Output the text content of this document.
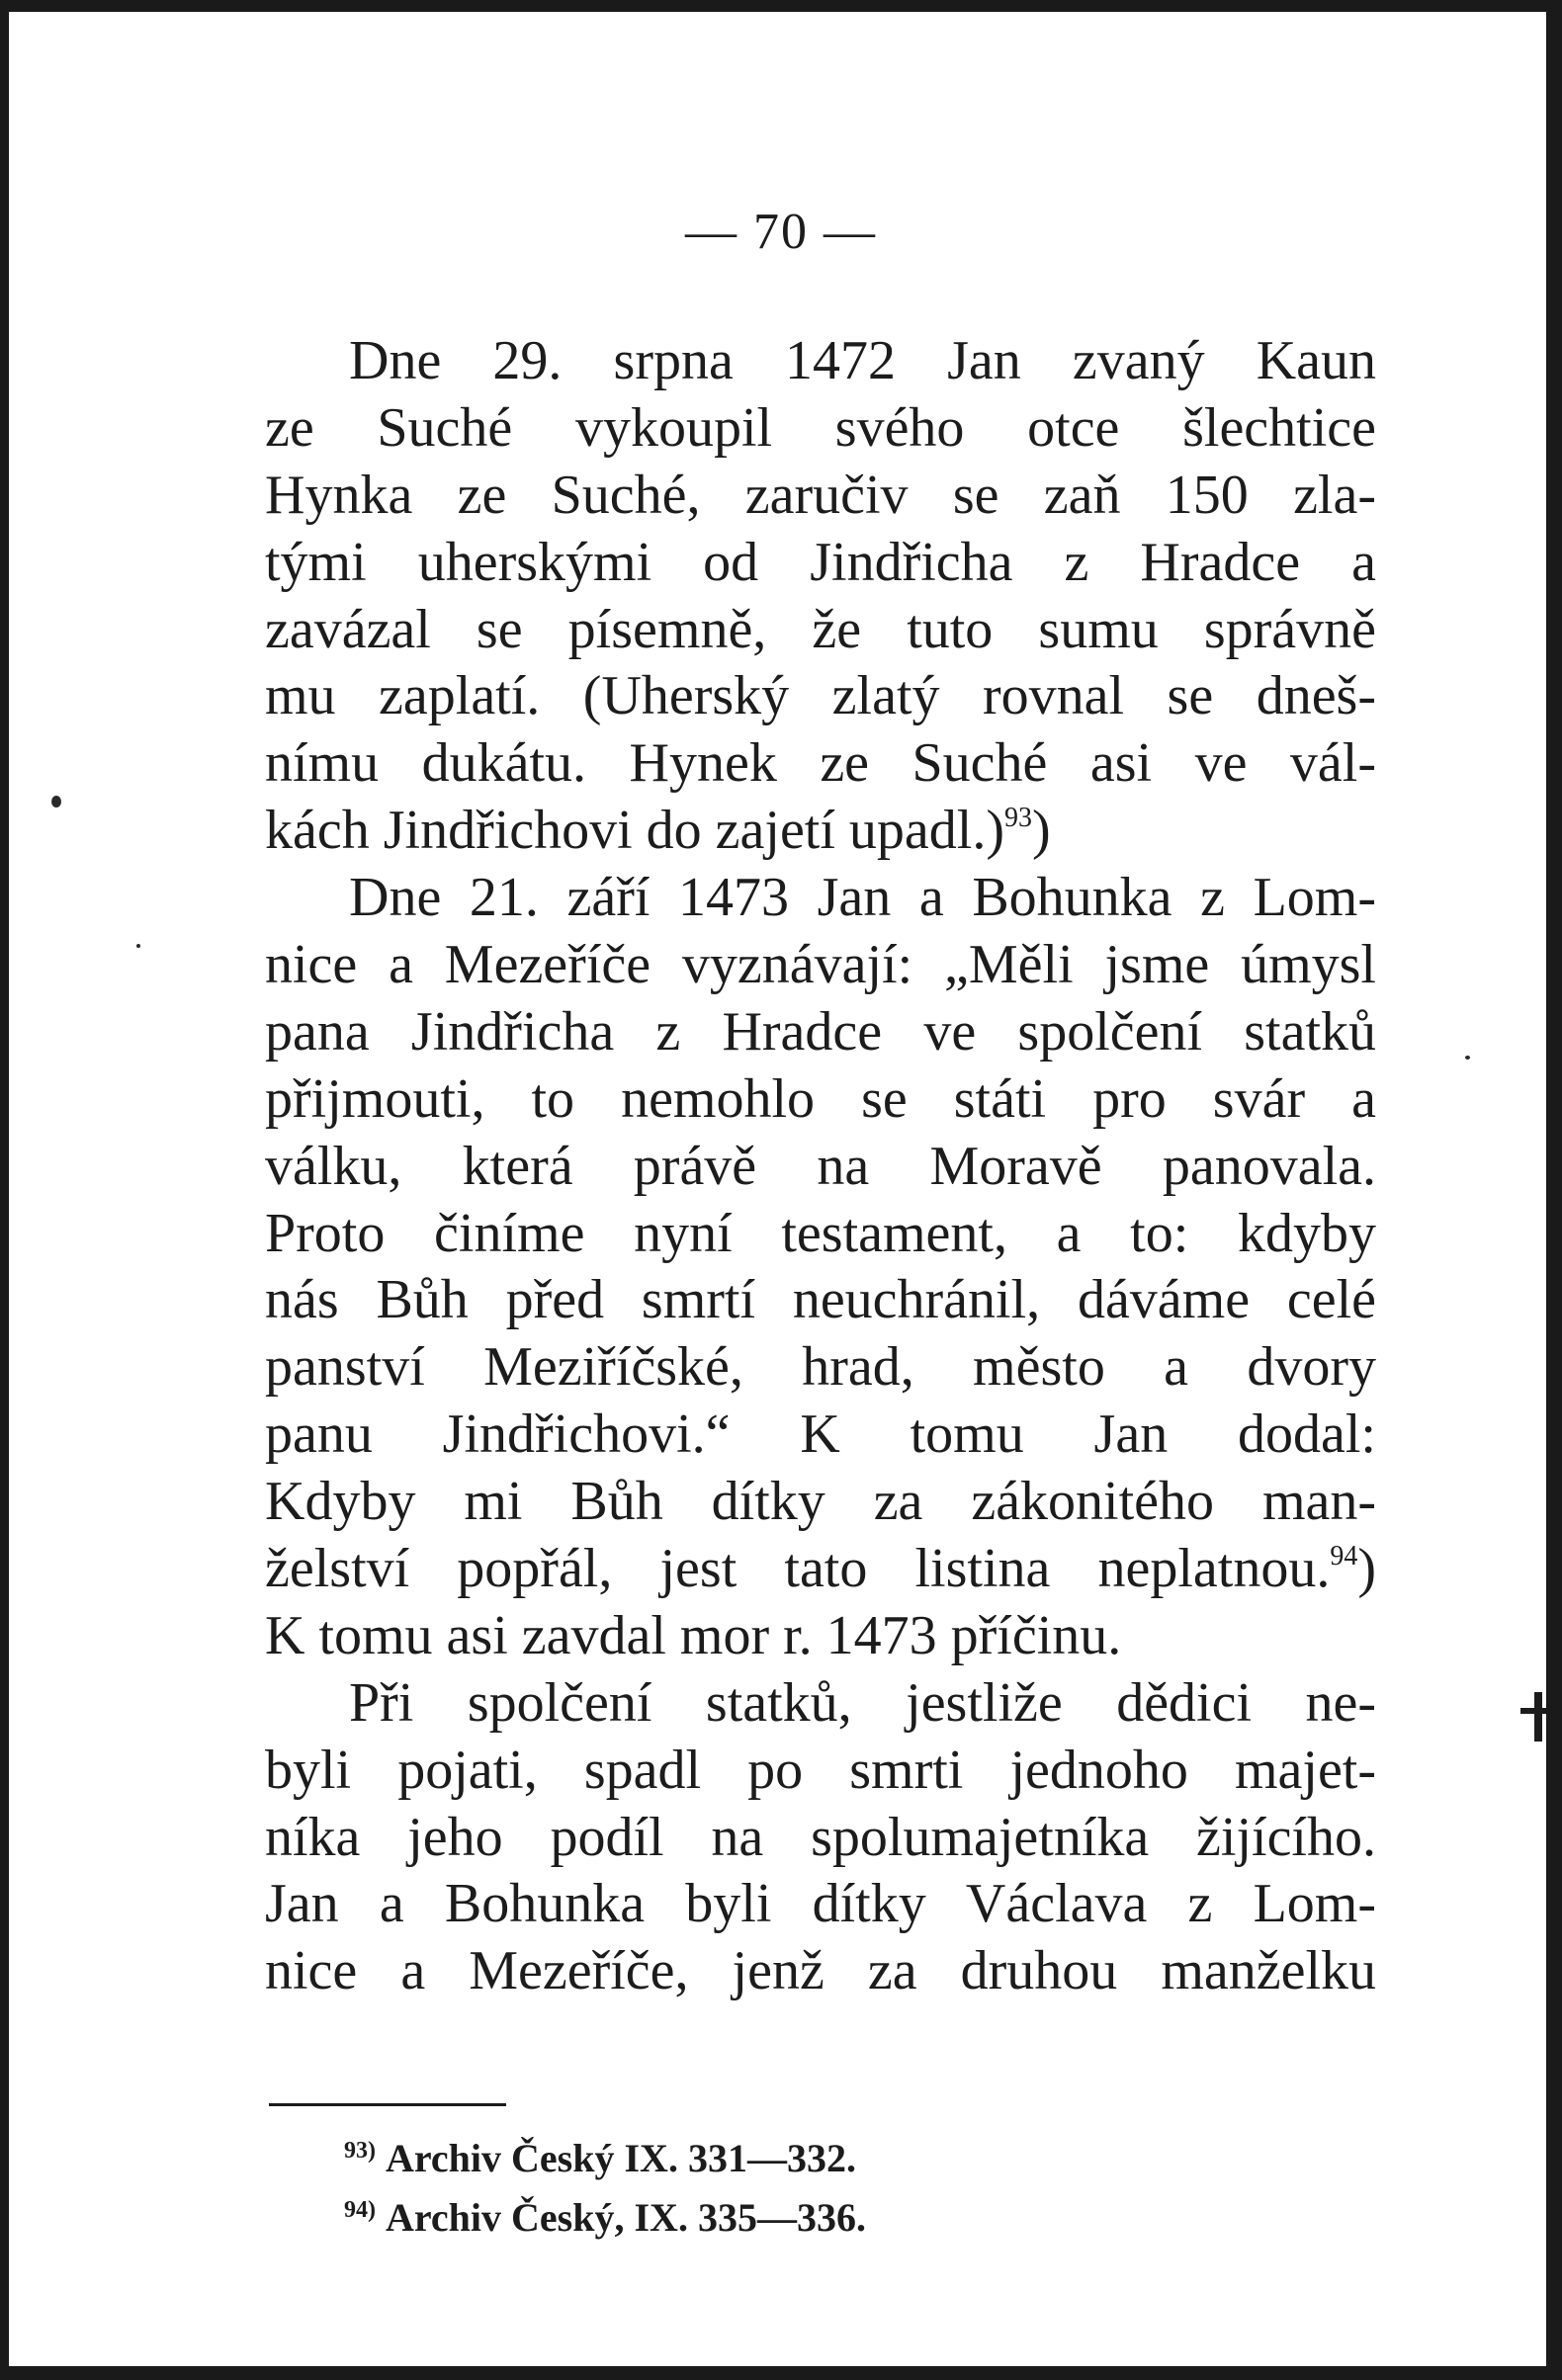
— 70 —
Dne 29. srpna 1472 Jan zvaný Kaun
ze Suché vykoupil svého otce šlechtice
Hynka ze Suché, zaručiv se zaň 150 zla-
tými uherskými od Jindřicha z Hradce a
zavázal se písemně, že tuto sumu správně
mu zaplatí. (Uherský zlatý rovnal se dneš-
nímu dukátu. Hynek ze Suché asi ve vál-
kách Jindřichovi do zajetí upadl.)$^{93}$)
Dne 21. září 1473 Jan a Bohunka z Lom-
nice a Mezeříče vyznávají: „Měli jsme úmysl
pana Jindřicha z Hradce ve spolčení statků
přijmouti, to nemohlo se státi pro svár a
válku, která právě na Moravě panovala.
Proto činíme nyní testament, a to: kdyby
nás Bůh před smrtí neuchránil, dáváme celé
panství Meziříčské, hrad, město a dvory
panu Jindřichovi.“ K tomu Jan dodal:
Kdyby mi Bůh dítky za zákonitého man-
želství popřál, jest tato listina neplatnou.$^{94}$)
K tomu asi zavdal mor r. 1473 příčinu.
Při spolčení statků, jestliže dědici ne-
byli pojati, spadl po smrti jednoho majet-
níka jeho podíl na spolumajetníka žijícího.
Jan a Bohunka byli dítky Václava z Lom-
nice a Mezeříče, jenž za druhou manželku
$^{93)}$ Archiv Český IX. 331—332.
$^{94)}$ Archiv Český, IX. 335—336.
